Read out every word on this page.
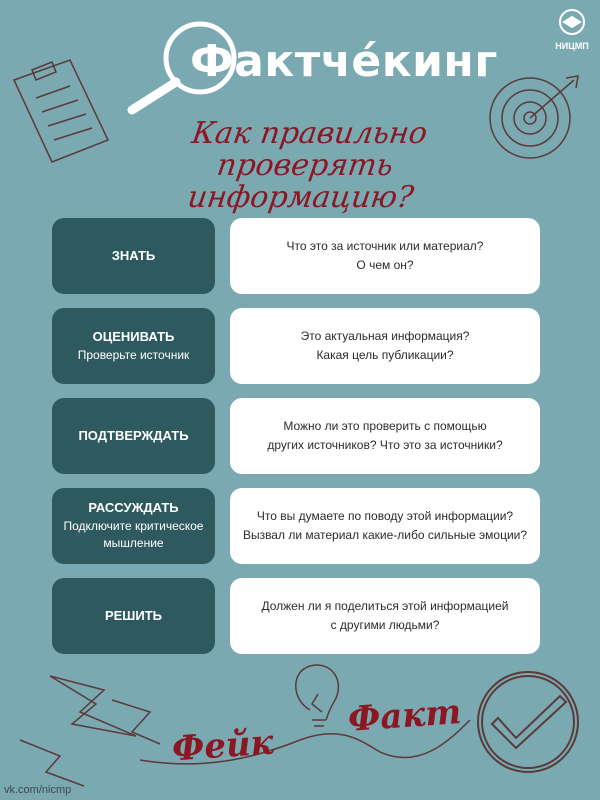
Фактчéкинг	НИЦМП
Как правильно
проверять информацию?
ЗНАТЬ
Что это за источник или материал?
О чем он?
ОЦЕНИВАТЬ
Проверьте источник
Это актуальная информация?
Какая цель публикации?
ПОДТВЕРЖДАТЬ
Можно ли это проверить с помощью
других источников? Что это за источники?
РАССУЖДАТЬ
Подключите критическое мышление
Что вы думаете по поводу этой информации?
Вызвал ли материал какие-либо сильные эмоции?
РЕШИТЬ
Должен ли я поделиться этой информацией
с другими людьми?
Фейк
Факт
vk.com/nicmp
